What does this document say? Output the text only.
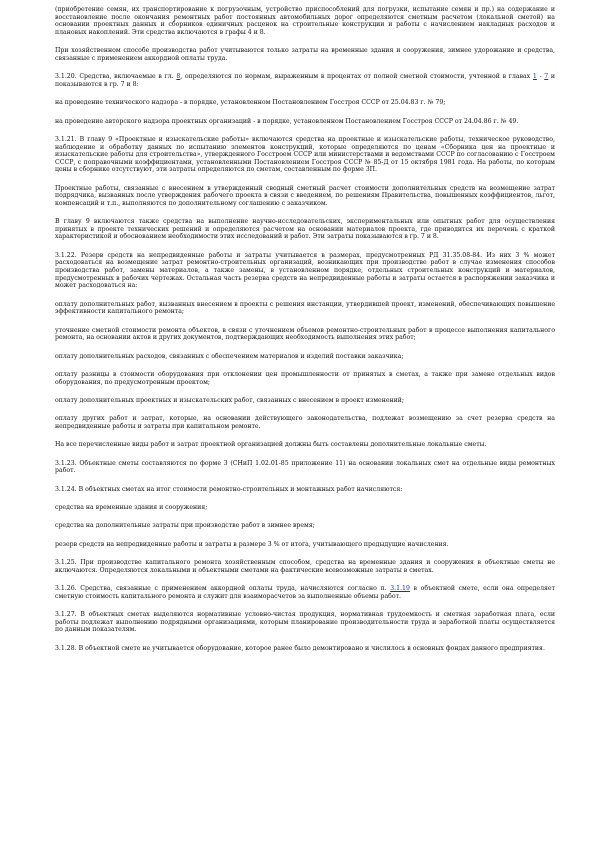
(приобретение семян, их транспортирование к погрузочным, устройство приспособлений для погрузки, испытание семян и пр.) на содержание и восстановление после окончания ремонтных работ постоянных автомобильных дорог определяются сметным расчетом (локальной сметой) на основании проектных данных и сборников единичных расценок на строительные конструкции и работы с начислением накладных расходов и плановых накоплений. Эти средства включаются в графы 4 и 8.

При хозяйственном способе производства работ учитываются только затраты на временные здания и сооружения, зимнее удорожание и средства, связанные с применением аккордной оплаты труда.

3.1.20. Средства, включаемые в гл. 8, определяются по нормам, выраженным в процентах от полной сметной стоимости, учтенной в главах 1 - 7 и показываются в гр. 7 и 8:

на проведение технического надзора - в порядке, установленном Постановлением Госстроя СССР от 25.04.83 г. № 79;

на проведение авторского надзора проектных организаций - в порядке, установленном Постановлением Госстроя СССР от 24.04.86 г. № 49.

3.1.21. В главу 9 «Проектные и изыскательские работы» включаются средства на проектные и изыскательские работы, техническое руководство, наблюдение и обработку данных по испытанию элементов конструкций, которые определяются по ценам «Сборника цен на проектные и изыскательские работы для строительства», утвержденного Госстроем СССР или министерствами и ведомствами СССР по согласованию с Госстроем СССР, с поправочными коэффициентами, установленными Постановлением Госстроя СССР № 85-Д от 15 октября 1981 года. На работы, по которым цены в сборнике отсутствуют, эти затраты определяются по сметам, составленным по форме 3П.

Проектные работы, связанные с внесением в утвержденный сводный сметный расчет стоимости дополнительных средств на возмещение затрат подрядчика, вызванных после утверждения рабочего проекта в связи с введением, по решениям Правительства, повышенных коэффициентов, льгот, компенсаций и т.п., выполняются по дополнительному соглашению с заказчиком.

В главу 9 включаются также средства на выполнение научно-исследовательских, экспериментальных или опытных работ для осуществления принятых в проекте технических решений и определяются расчетом на основании материалов проекта, где приводится их перечень с краткой характеристикой и обоснованием необходимости этих исследований и работ. Эти затраты показываются в гр. 7 и 8.

3.1.22. Резерв средств на непредвиденные работы и затраты учитывается в размерах, предусмотренных РД 31.35.08-84. Из них 3 % может расходоваться на возмещение затрат ремонтно-строительных организаций, возникающих при производстве работ в случае изменения способов производства работ, замены материалов, а также замены, в установленном порядке, отдельных строительных конструкций и материалов, предусмотренных в рабочих чертежах. Остальная часть резерва средств на непредвиденные работы и затраты остается в распоряжении заказчика и может расходоваться на:

оплату дополнительных работ, вызванных внесением в проекты с решения инстанции, утвердившей проект, изменений, обеспечивающих повышение эффективности капитального ремонта;

уточнение сметной стоимости ремонта объектов, в связи с уточнением объемов ремонтно-строительных работ в процессе выполнения капитального ремонта, на основании актов и других документов, подтверждающих необходимость выполнения этих работ;

оплату дополнительных расходов, связанных с обеспечением материалов и изделий поставки заказчика;

оплату разницы в стоимости оборудования при отклонении цен промышленности от принятых в сметах, а также при замене отдельных видов оборудования, по предусмотренным проектом;

оплату дополнительных проектных и изыскательских работ, связанных с внесением в проект изменений;

оплату других работ и затрат, которые, на основании действующего законодательства, подлежат возмещению за счет резерва средств на непредвиденные работы и затраты при капитальном ремонте.

На все перечисленные виды работ и затрат проектной организацией должны быть составлены дополнительные локальные сметы.

3.1.23. Объектные сметы составляются по форме 3 (СНиП 1.02.01-85 приложение 11) на основании локальных смет на отдельные виды ремонтных работ.

3.1.24. В объектных сметах на итог стоимости ремонтно-строительных и монтажных работ начисляются:

средства на временные здания и сооружения;

средства на дополнительные затраты при производстве работ в зимнее время;

резерв средств на непредвиденные работы и затраты в размере 3 % от итога, учитывающего предыдущие начисления.

3.1.25. При производстве капитального ремонта хозяйственным способом, средства на временные здания и сооружения в объектные сметы не включаются. Определяются локальными и объектными сметами на фактические всевозможные затраты в сметах.

3.1.26. Средства, связанные с применением аккордной оплаты труда, начисляются согласно п. 3.1.19 в объектной смете, если она определяет сметную стоимость капитального ремонта и служит для взаиморасчетов за выполненные объемы работ.

3.1.27. В объектных сметах выделяются нормативные условно-чистая продукция, нормативная трудоемкость и сметная заработная плата, если работы подлежат выполнению подрядными организациями, которым планирование производительности труда и заработной платы осуществляется по данным показателям.

3.1.28. В объектной смете не учитывается оборудование, которое ранее было демонтировано и числилось в основных фондах данного предприятия.
